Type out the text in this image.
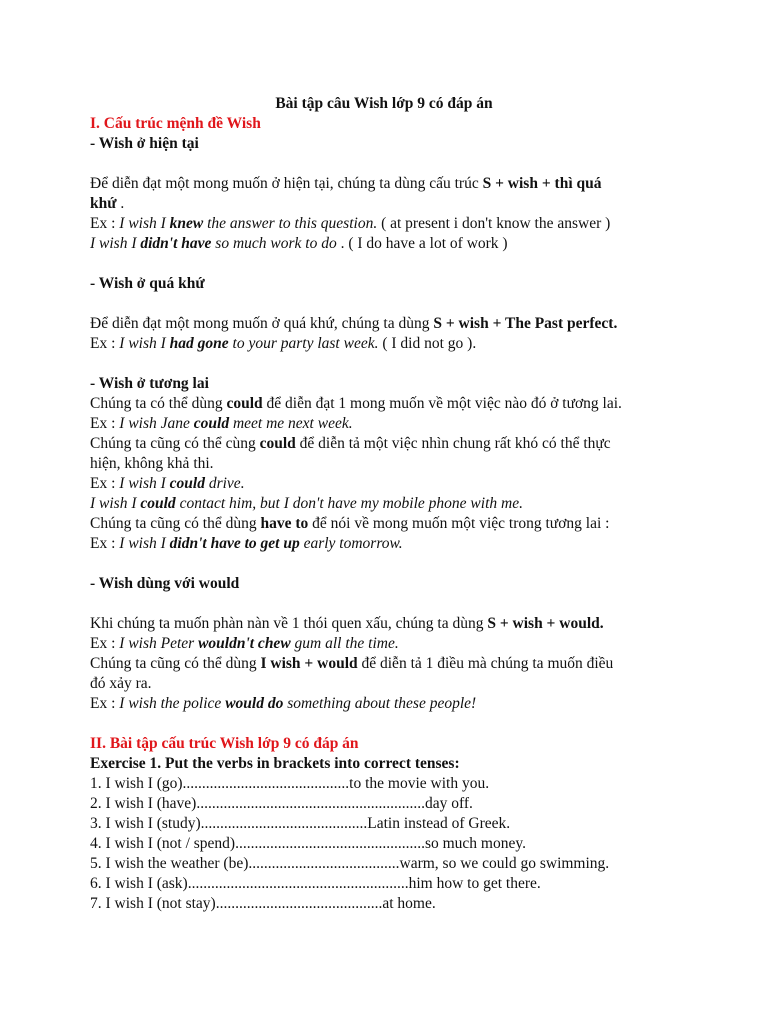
Bài tập câu Wish lớp 9 có đáp án
I. Cấu trúc mệnh đề Wish
- Wish ở hiện tại
Để diễn đạt một mong muốn ở hiện tại, chúng ta dùng cấu trúc S + wish + thì quá
khứ .
Ex : I wish I knew the answer to this question. ( at present i don't know the answer )
I wish I didn't have so much work to do . ( I do have a lot of work )
- Wish ở quá khứ
Để diễn đạt một mong muốn ở quá khứ, chúng ta dùng S + wish + The Past perfect.
Ex : I wish I had gone to your party last week. ( I did not go ).
- Wish ở tương lai
Chúng ta có thể dùng could để diễn đạt 1 mong muốn về một việc nào đó ở tương lai.
Ex : I wish Jane could meet me next week.
Chúng ta cũng có thể cùng could để diễn tả một việc nhìn chung rất khó có thể thực
hiện, không khả thi.
Ex : I wish I could drive.
I wish I could contact him, but I don't have my mobile phone with me.
Chúng ta cũng có thể dùng have to để nói về mong muốn một việc trong tương lai :
Ex : I wish I didn't have to get up early tomorrow.
- Wish dùng với would
Khi chúng ta muốn phàn nàn về 1 thói quen xấu, chúng ta dùng S + wish + would.
Ex : I wish Peter wouldn't chew gum all the time.
Chúng ta cũng có thể dùng I wish + would để diễn tả 1 điều mà chúng ta muốn điều
đó xảy ra.
Ex : I wish the police would do something about these people!
II. Bài tập cấu trúc Wish lớp 9 có đáp án
Exercise 1. Put the verbs in brackets into correct tenses:
1. I wish I (go)...........................................to the movie with you.
2. I wish I (have)...........................................................day off.
3. I wish I (study)...........................................Latin instead of Greek.
4. I wish I (not / spend).................................................so much money.
5. I wish the weather (be).......................................warm, so we could go swimming.
6. I wish I (ask).........................................................him how to get there.
7. I wish I (not stay)...........................................at home.
